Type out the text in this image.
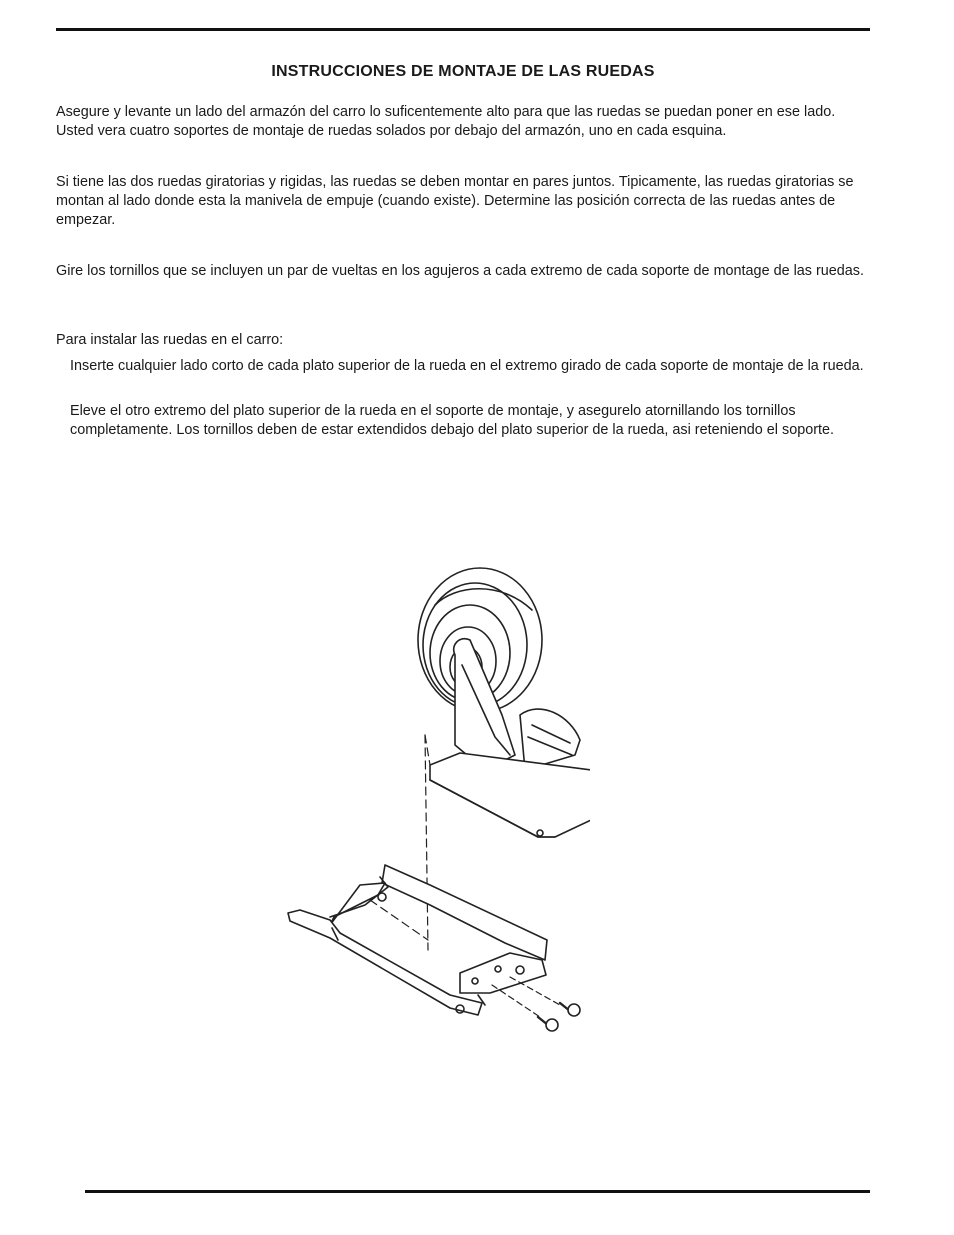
INSTRUCCIONES DE MONTAJE DE LAS RUEDAS
Asegure y levante un lado del armazón del carro lo suficentemente alto para que las ruedas se puedan poner en ese lado. Usted vera cuatro soportes de montaje de ruedas solados por debajo del armazón, uno en cada esquina.
Si tiene las dos ruedas giratorias y rigidas, las ruedas se deben montar en pares juntos. Tipicamente, las ruedas giratorias se montan al lado donde esta la manivela de empuje (cuando existe). Determine las posición correcta de las ruedas antes de empezar.
Gire los tornillos que se incluyen un par de vueltas en los agujeros a cada extremo de cada soporte de montage de las ruedas.
Para instalar las ruedas en el carro:
Inserte cualquier lado corto de cada plato superior de la rueda en el extremo girado de cada soporte de montaje de la rueda.
Eleve el otro extremo del plato superior de la rueda en el soporte de montaje, y asegurelo atornillando los tornillos completamente. Los tornillos deben de estar extendidos debajo del plato superior de la rueda, asi reteniendo el soporte.
